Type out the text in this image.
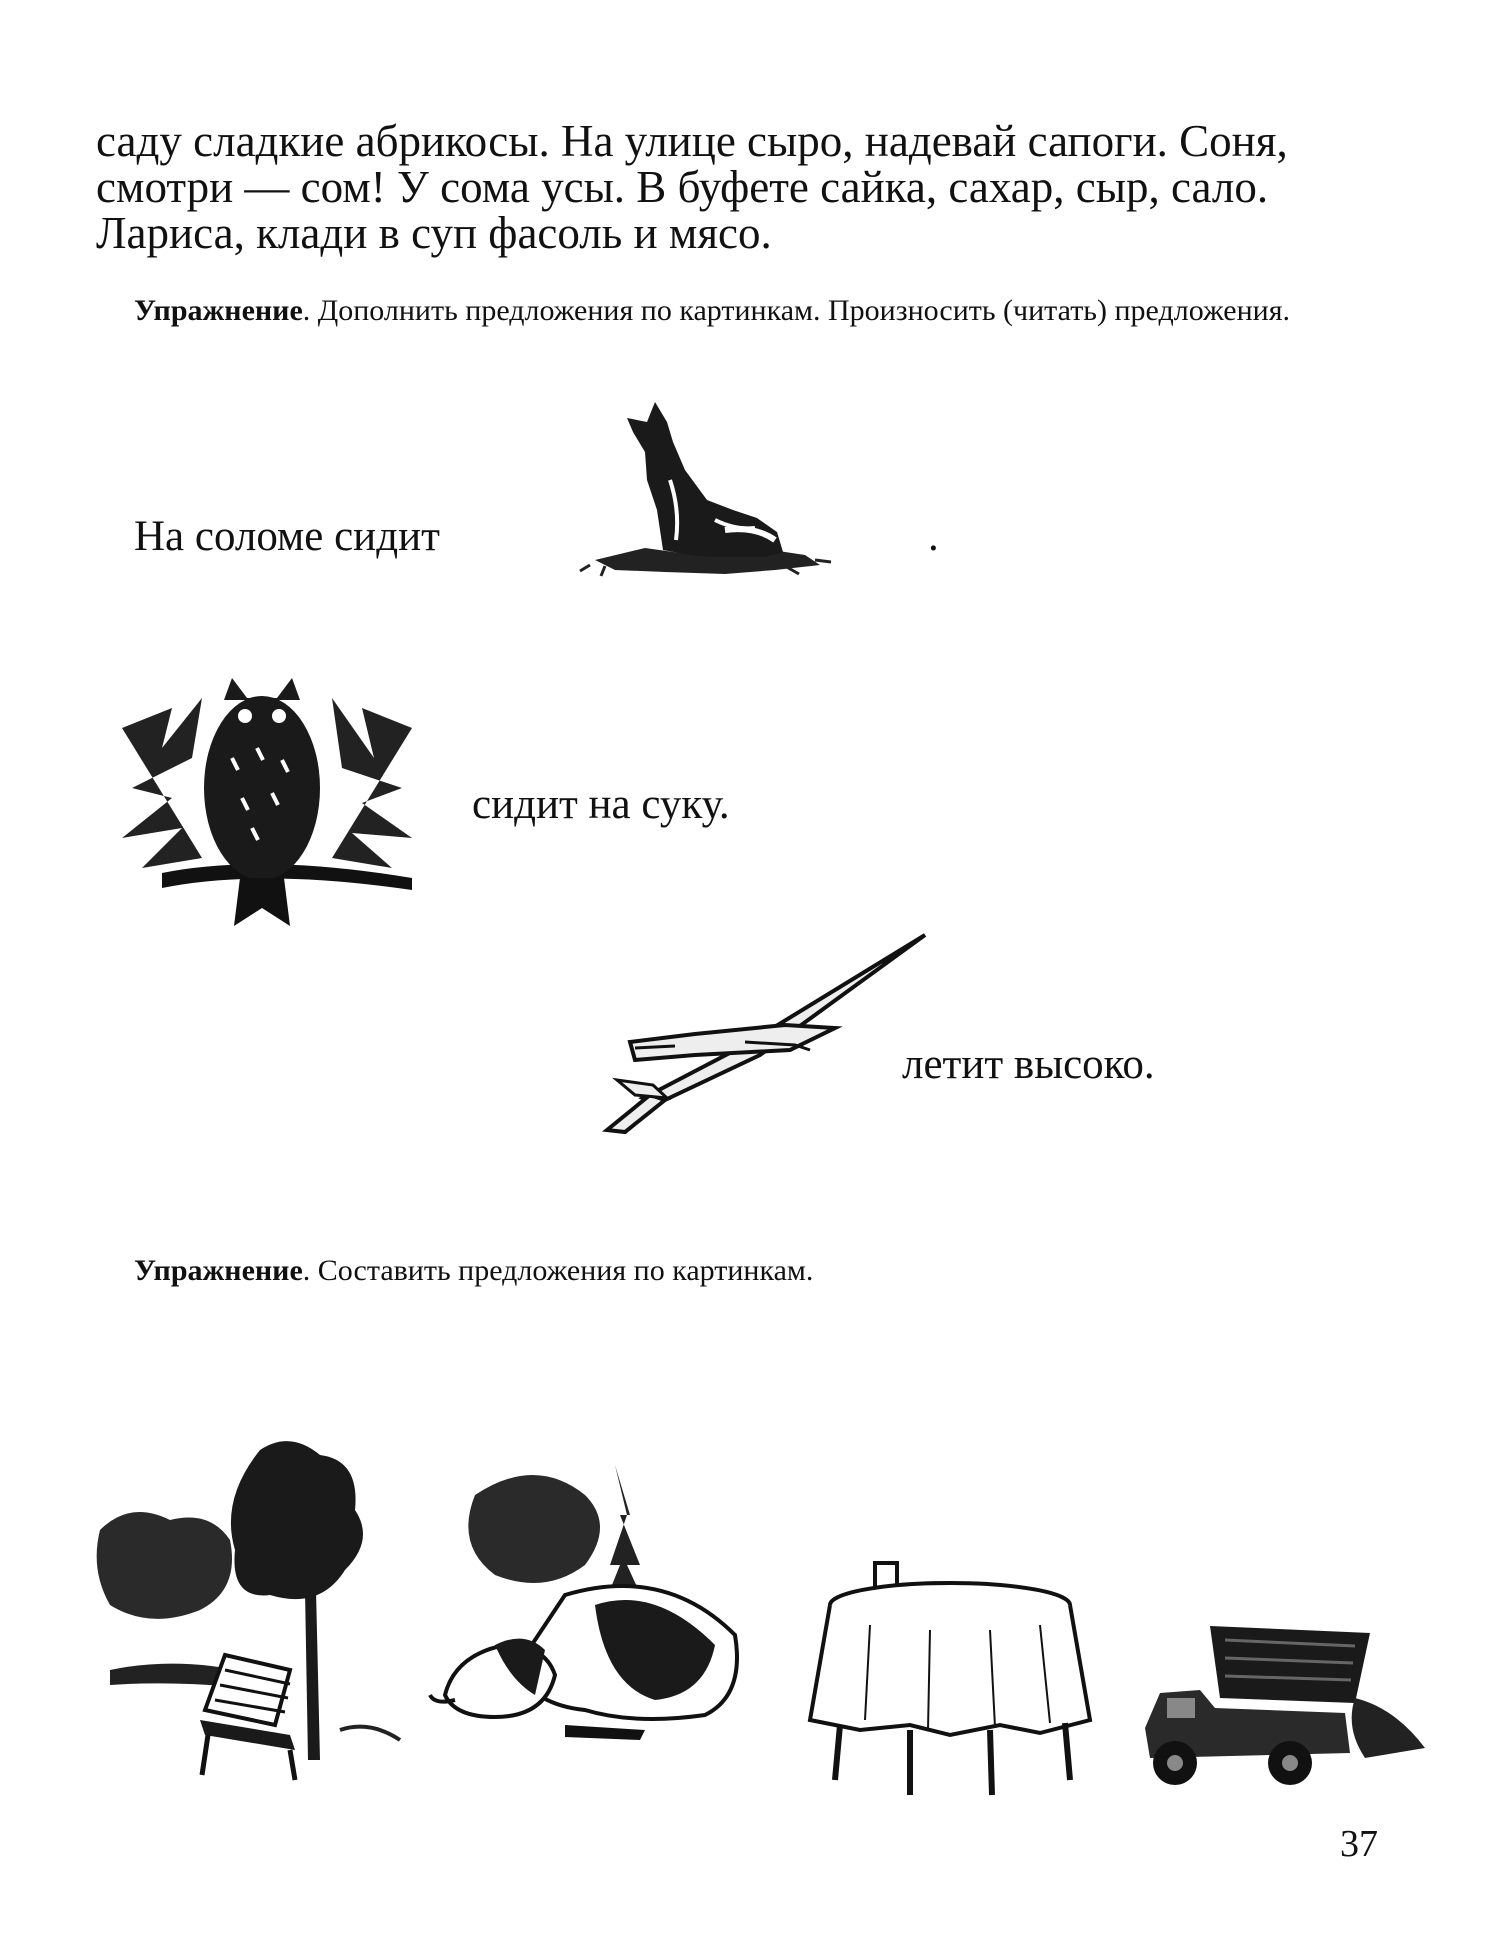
саду сладкие абрикосы. На улице сыро, надевай сапоги. Соня,
смотри — сом! У сома усы. В буфете сайка, сахар, сыр, сало.
Лариса, клади в суп фасоль и мясо.

Упражнение. Дополнить предложения по картинкам. Произносить (читать) предложения.

На соломе сидит	.
сидит на суку.
летит высоко.

Упражнение. Составить предложения по картинкам.

37
